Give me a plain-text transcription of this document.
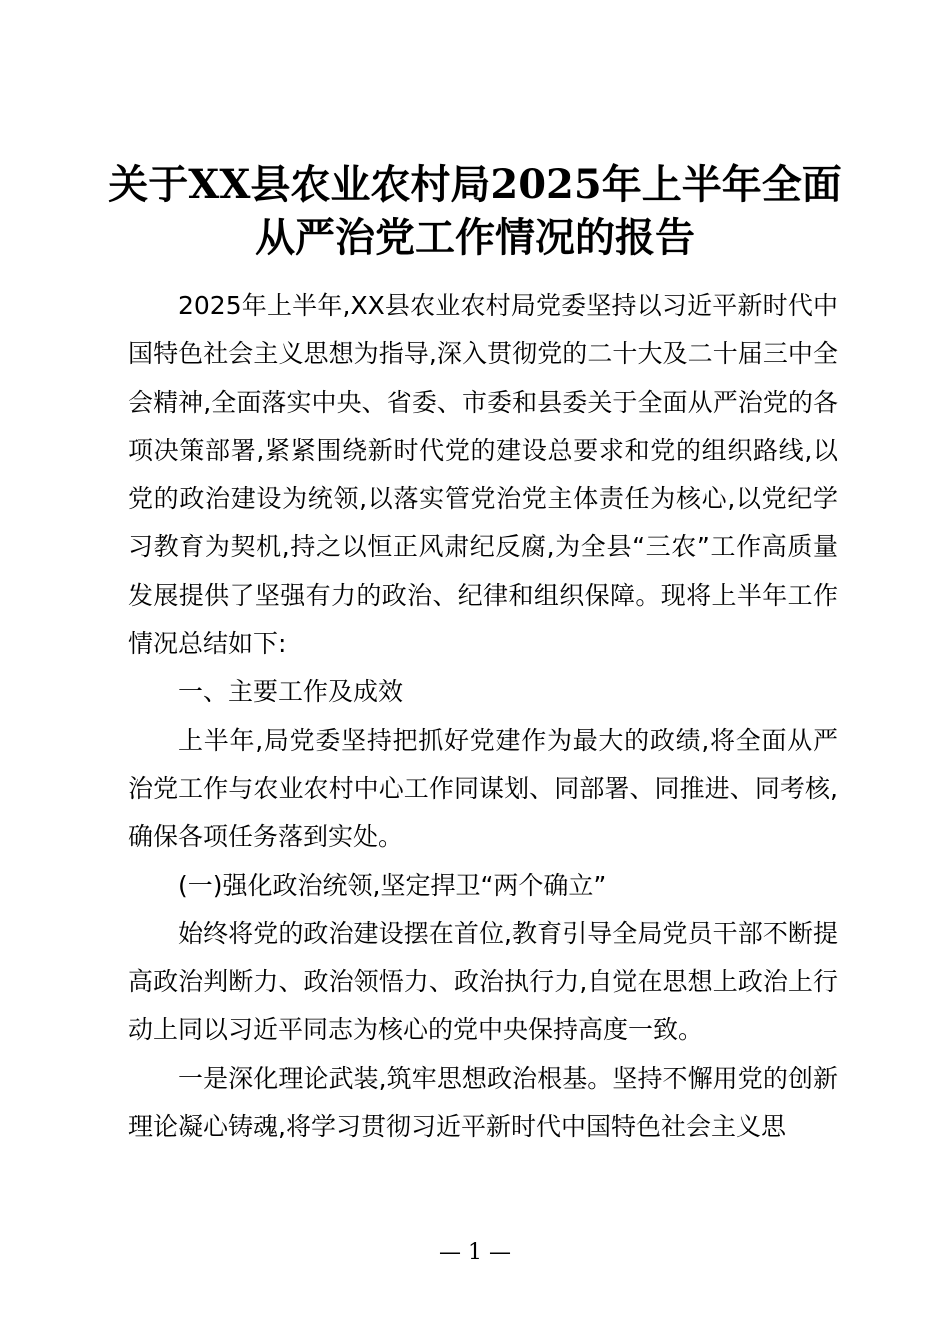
关于XX县农业农村局2025年上半年全面从严治党工作情况的报告

2025年上半年,XX县农业农村局党委坚持以习近平新时代中国特色社会主义思想为指导,深入贯彻党的二十大及二十届三中全会精神,全面落实中央、省委、市委和县委关于全面从严治党的各项决策部署,紧紧围绕新时代党的建设总要求和党的组织路线,以党的政治建设为统领,以落实管党治党主体责任为核心,以党纪学习教育为契机,持之以恒正风肃纪反腐,为全县“三农”工作高质量发展提供了坚强有力的政治、纪律和组织保障。现将上半年工作情况总结如下:

一、主要工作及成效

上半年,局党委坚持把抓好党建作为最大的政绩,将全面从严治党工作与农业农村中心工作同谋划、同部署、同推进、同考核,确保各项任务落到实处。

(一)强化政治统领,坚定捍卫“两个确立”

始终将党的政治建设摆在首位,教育引导全局党员干部不断提高政治判断力、政治领悟力、政治执行力,自觉在思想上政治上行动上同以习近平同志为核心的党中央保持高度一致。

一是深化理论武装,筑牢思想政治根基。坚持不懈用党的创新理论凝心铸魂,将学习贯彻习近平新时代中国特色社会主义思

— 1 —
